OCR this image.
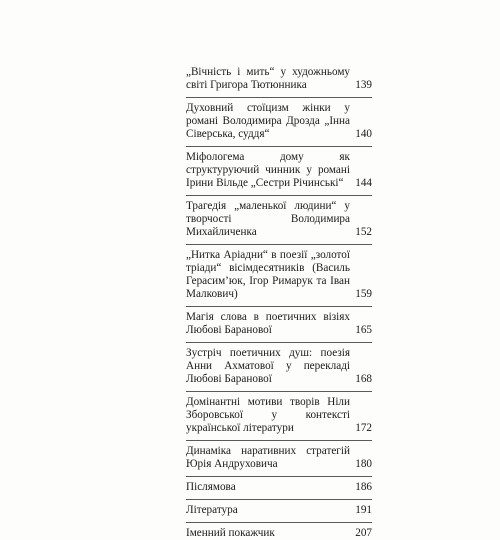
„Вічність і мить“ у художньому світі Григора Тютюнника	139
Духовний стоїцизм жінки у романі Володимира Дрозда „Інна Сіверська, суддя“	140
Міфологема дому як структуруючий чинник у романі Ірини Вільде „Сестри Річинські“	144
Трагедія „маленької людини“ у творчості Володимира Михайличенка	152
„Нитка Аріадни“ в поезії „золотої тріади“ вісімдесятників (Василь Герасим’юк, Ігор Римарук та Іван Малкович)	159
Магія слова в поетичних візіях Любові Баранової	165
Зустріч поетичних душ: поезія Анни Ахматової у перекладі Любові Баранової	168
Домінантні мотиви творів Ніли Зборовської у контексті української літератури	172
Динаміка наративних стратегій Юрія Андруховича	180
Післямова	186
Література	191
Іменний покажчик	207
